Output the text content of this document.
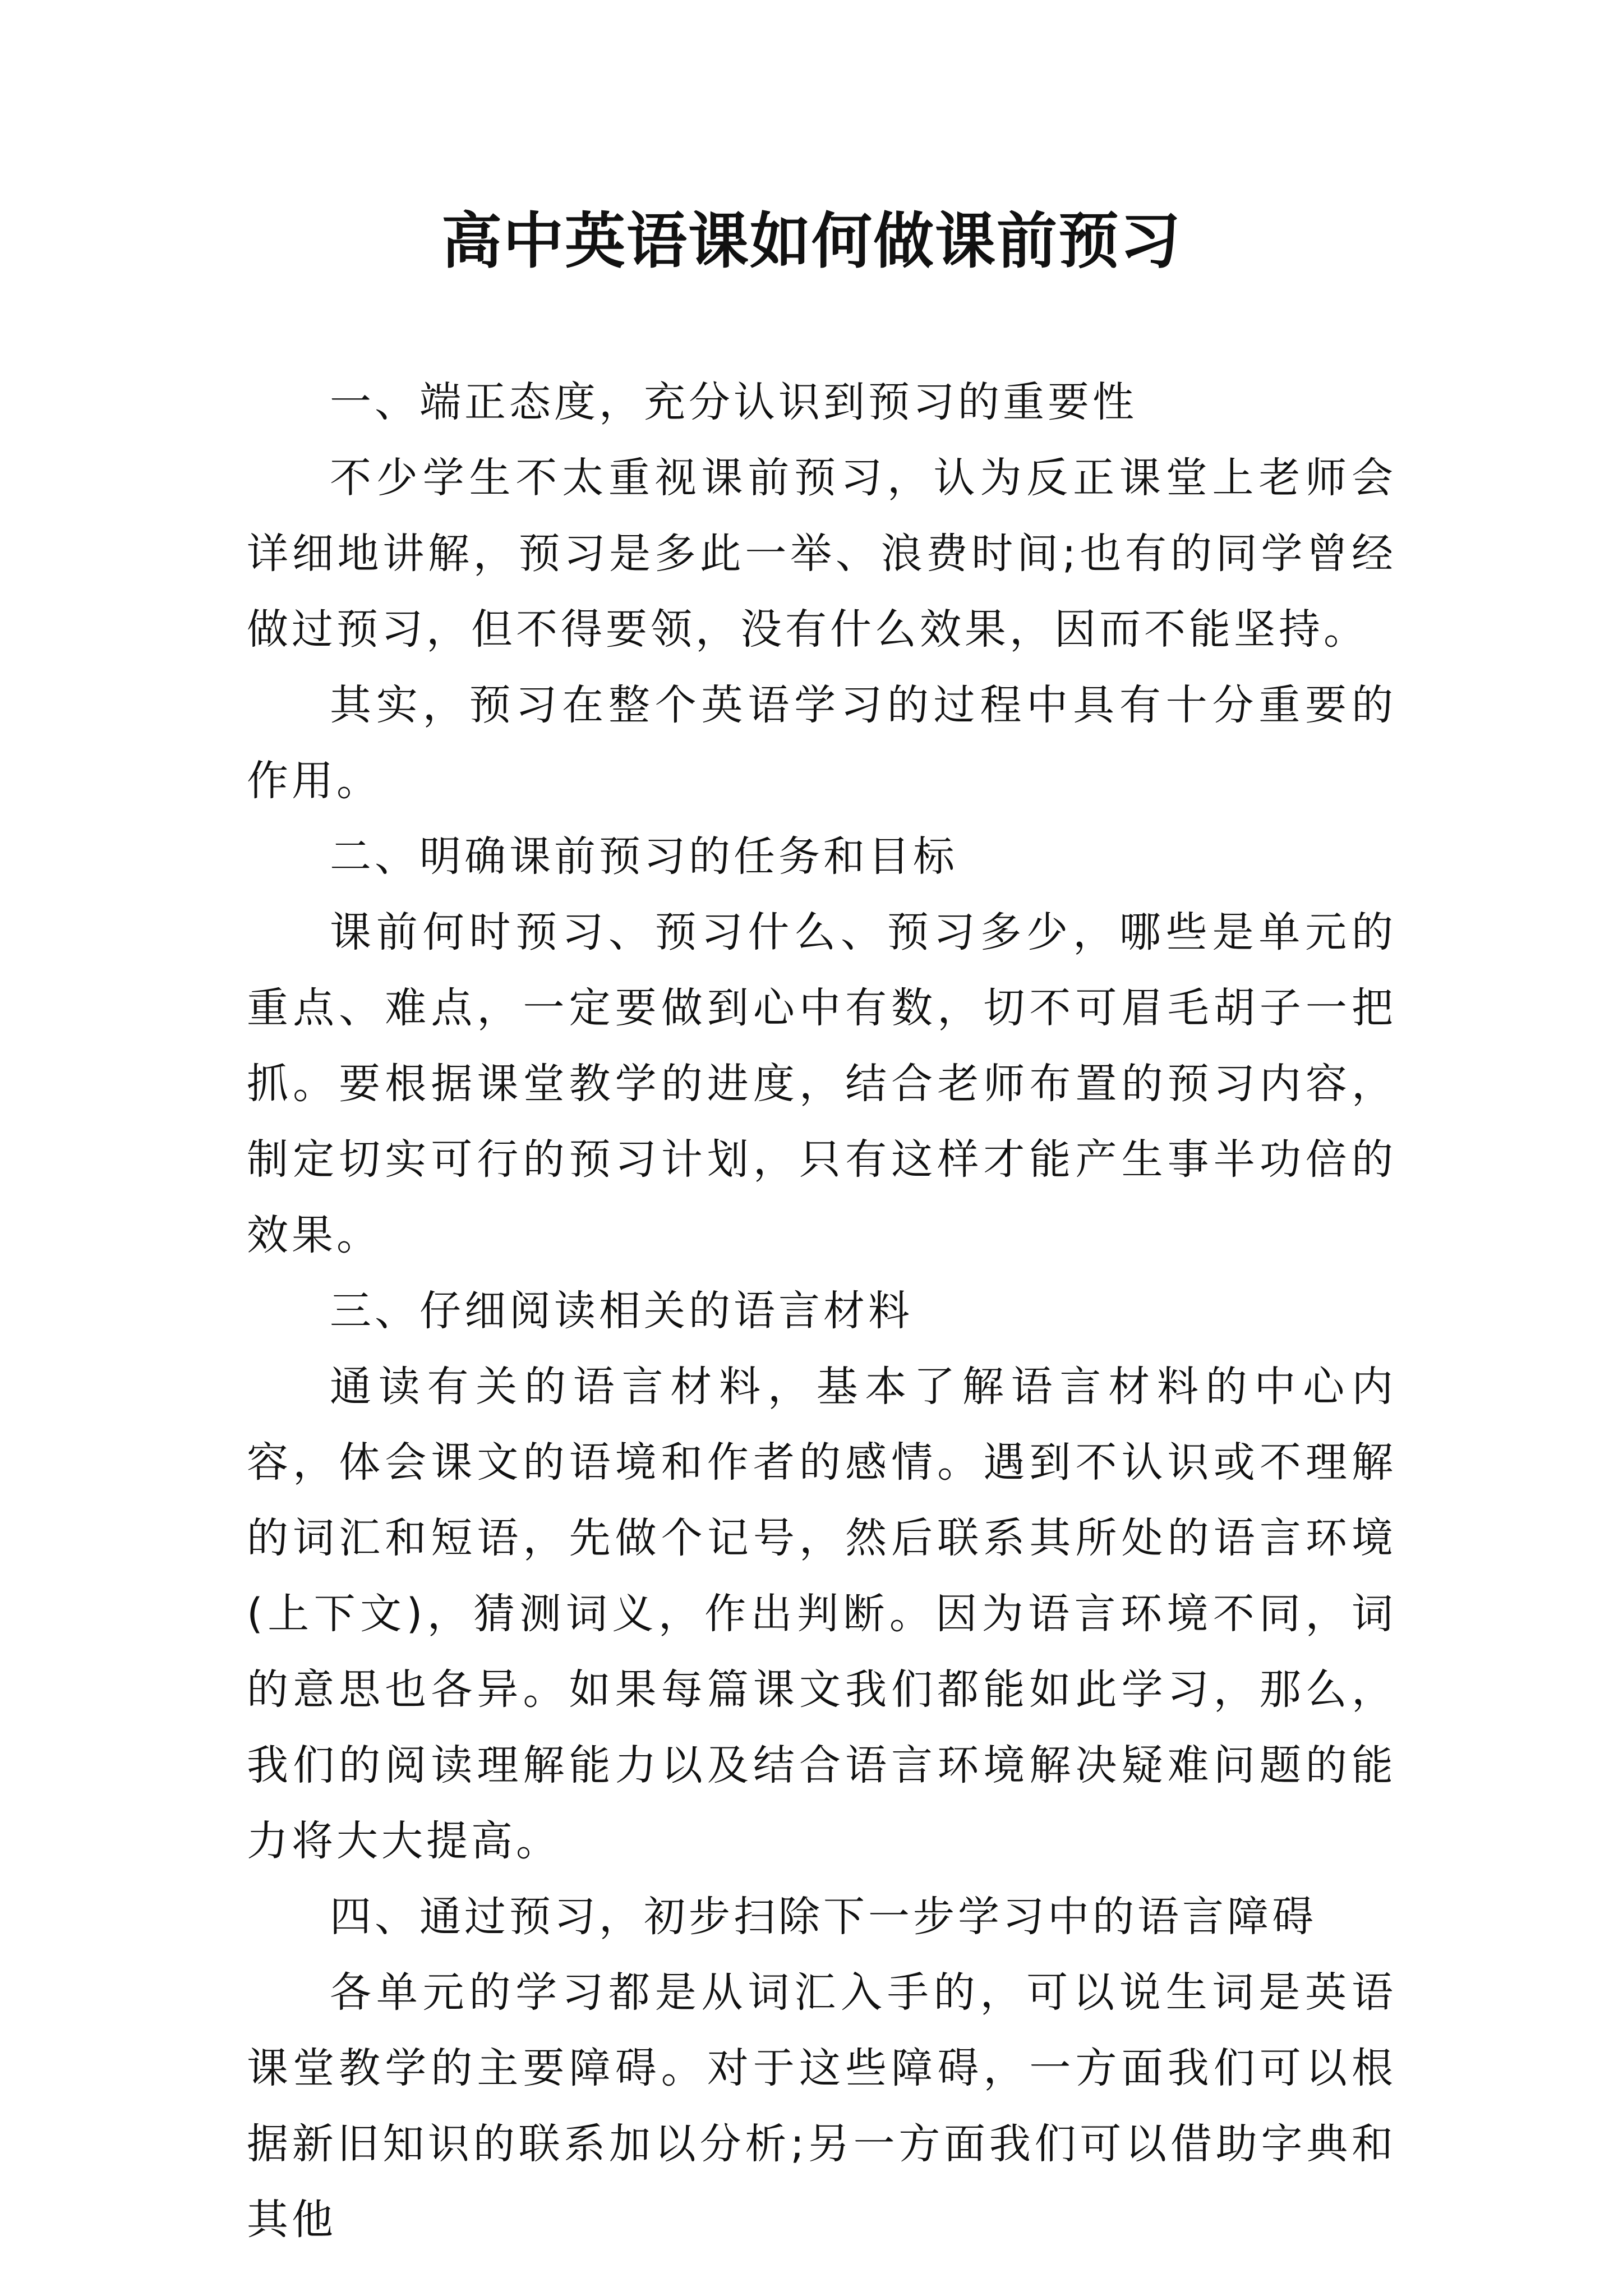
高中英语课如何做课前预习

一、端正态度，充分认识到预习的重要性

不少学生不太重视课前预习，认为反正课堂上老师会详细地讲解，预习是多此一举、浪费时间;也有的同学曾经做过预习，但不得要领，没有什么效果，因而不能坚持。

其实，预习在整个英语学习的过程中具有十分重要的作用。

二、明确课前预习的任务和目标

课前何时预习、预习什么、预习多少，哪些是单元的重点、难点，一定要做到心中有数，切不可眉毛胡子一把抓。要根据课堂教学的进度，结合老师布置的预习内容，制定切实可行的预习计划，只有这样才能产生事半功倍的效果。

三、仔细阅读相关的语言材料

通读有关的语言材料，基本了解语言材料的中心内容，体会课文的语境和作者的感情。遇到不认识或不理解的词汇和短语，先做个记号，然后联系其所处的语言环境(上下文)，猜测词义，作出判断。因为语言环境不同，词的意思也各异。如果每篇课文我们都能如此学习，那么，我们的阅读理解能力以及结合语言环境解决疑难问题的能力将大大提高。

四、通过预习，初步扫除下一步学习中的语言障碍

各单元的学习都是从词汇入手的，可以说生词是英语课堂教学的主要障碍。对于这些障碍，一方面我们可以根据新旧知识的联系加以分析;另一方面我们可以借助字典和其他
